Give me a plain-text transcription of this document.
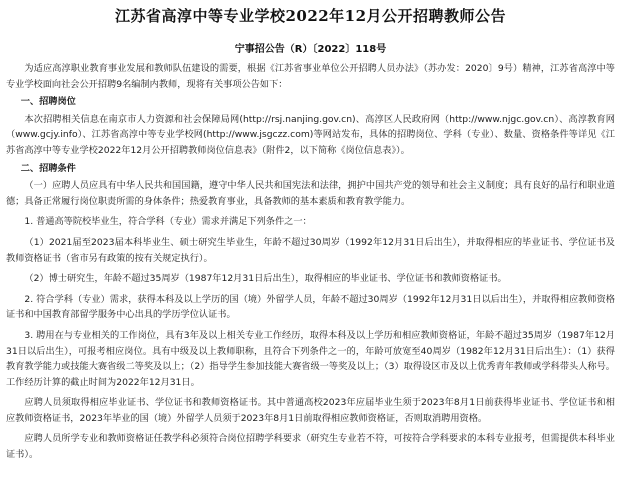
江苏省高淳中等专业学校2022年12月公开招聘教师公告
宁事招公告（R）〔2022〕118号

为适应高淳职业教育事业发展和教师队伍建设的需要，根据《江苏省事业单位公开招聘人员办法》（苏办发：2020〕9号）精神，江苏省高淳中等专业学校面向社会公开招聘9名编制内教师，现将有关事项公告如下：

一、招聘岗位

本次招聘相关信息在南京市人力资源和社会保障局网(http://rsj.nanjing.gov.cn)、高淳区人民政府网（http://www.njgc.gov.cn）、高淳教育网（www.gcjy.info）、江苏省高淳中等专业学校网(http://www.jsgczz.com)等网站发布，具体的招聘岗位、学科（专业）、数量、资格条件等详见《江苏省高淳中等专业学校2022年12月公开招聘教师岗位信息表》（附件2，以下简称《岗位信息表》）。

二、招聘条件

（一）应聘人员应具有中华人民共和国国籍，遵守中华人民共和国宪法和法律，拥护中国共产党的领导和社会主义制度；具有良好的品行和职业道德；具备正常履行岗位职责所需的身体条件；热爱教育事业，具备教师的基本素质和教育教学能力。

1. 普通高等院校毕业生，符合学科（专业）需求并满足下列条件之一：

（1）2021届至2023届本科毕业生、硕士研究生毕业生，年龄不超过30周岁（1992年12月31日后出生），并取得相应的毕业证书、学位证书及教师资格证书（省市另有政策的按有关规定执行）。

（2）博士研究生，年龄不超过35周岁（1987年12月31日后出生），取得相应的毕业证书、学位证书和教师资格证书。

2. 符合学科（专业）需求，获得本科及以上学历的国（境）外留学人员，年龄不超过30周岁（1992年12月31日以后出生），并取得相应教师资格证书和中国教育部留学服务中心出具的学历学位认证书。

3. 聘用在与专业相关的工作岗位，具有3年及以上相关专业工作经历，取得本科及以上学历和相应教师资格证，年龄不超过35周岁（1987年12月31日以后出生），可报考相应岗位。具有中级及以上教师职称，且符合下列条件之一的，年龄可放宽至40周岁（1982年12月31日后出生）：（1）获得教育教学能力或技能大赛省级二等奖及以上；（2）指导学生参加技能大赛省级一等奖及以上；（3）取得设区市及以上优秀青年教师或学科带头人称号。工作经历计算的截止时间为2022年12月31日。

应聘人员须取得相应毕业证书、学位证书和教师资格证书。其中普通高校2023年应届毕业生须于2023年8月1日前获得毕业证书、学位证书和相应教师资格证书，2023年毕业的国（境）外留学人员须于2023年8月1日前取得相应教师资格证，否则取消聘用资格。

应聘人员所学专业和教师资格证任教学科必须符合岗位招聘学科要求（研究生专业若不符，可按符合学科要求的本科专业报考，但需提供本科毕业证书）。
